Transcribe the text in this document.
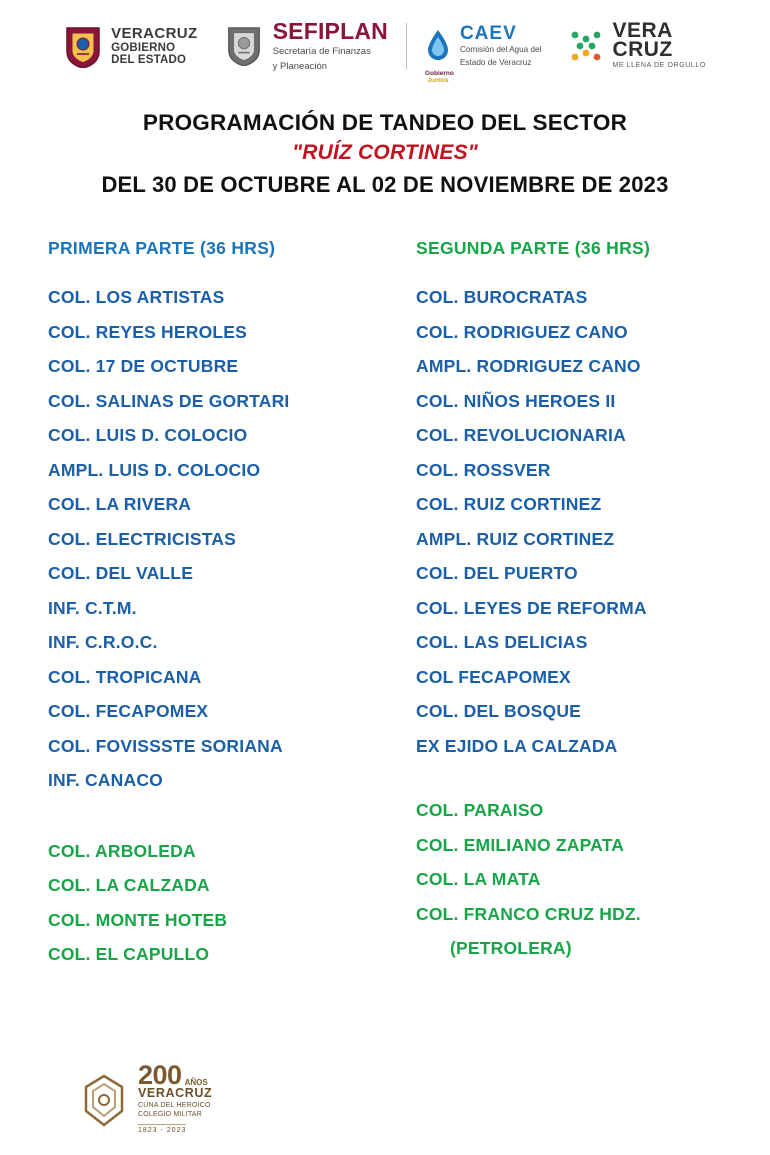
VERACRUZ
GOBIERNO
DEL ESTADO
SEFIPLAN
Secretaría de Finanzas
y Planeación
Gobierno
Juntos
CAEV
Comisión del Agua del
Estado de Veracruz
VERA
CRUZ
ME LLENA DE ORGULLO
PROGRAMACIÓN DE TANDEO DEL SECTOR
"RUÍZ CORTINES"
DEL 30 DE OCTUBRE AL 02 DE NOVIEMBRE DE 2023
PRIMERA PARTE (36 HRS)
COL. LOS ARTISTAS
COL. REYES HEROLES
COL. 17 DE OCTUBRE
COL. SALINAS DE GORTARI
COL. LUIS D. COLOCIO
AMPL. LUIS D. COLOCIO
COL. LA RIVERA
COL. ELECTRICISTAS
COL. DEL VALLE
INF. C.T.M.
INF. C.R.O.C.
COL. TROPICANA
COL. FECAPOMEX
COL. FOVISSSTE SORIANA
INF. CANACO
COL. ARBOLEDA
COL. LA CALZADA
COL. MONTE HOTEB
COL. EL CAPULLO
SEGUNDA PARTE (36 HRS)
COL. BUROCRATAS
COL. RODRIGUEZ CANO
AMPL. RODRIGUEZ CANO
COL. NIÑOS HEROES II
COL. REVOLUCIONARIA
COL. ROSSVER
COL. RUIZ CORTINEZ
AMPL. RUIZ CORTINEZ
COL. DEL PUERTO
COL. LEYES DE REFORMA
COL. LAS DELICIAS
COL FECAPOMEX
COL. DEL BOSQUE
EX EJIDO LA CALZADA
COL. PARAISO
COL. EMILIANO ZAPATA
COL. LA MATA
COL. FRANCO CRUZ HDZ.
(PETROLERA)
200 AÑOS
VERACRUZ
CUNA DEL HEROICO
COLEGIO MILITAR
1823 - 2023
